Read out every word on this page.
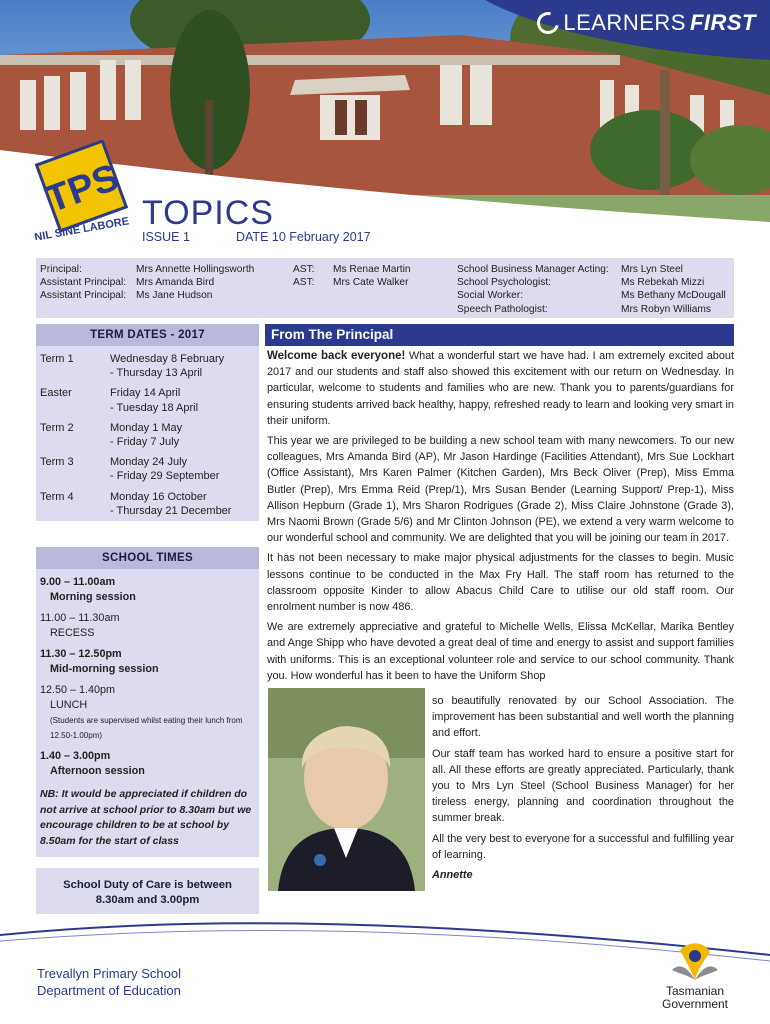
LEARNERS FIRST
TPS
NIL SINE LABORE TOPICS
ISSUE 1	DATE 10 February 2017
Principal:	Mrs Annette Hollingsworth
Assistant Principal: Mrs Amanda Bird
Assistant Principal: Ms Jane Hudson
AST:	Ms Renae Martin
AST:	Mrs Cate Walker
School Business Manager Acting:	Mrs Lyn Steel
School Psychologist:	Ms Rebekah Mizzi
Social Worker:	Ms Bethany McDougall
Speech Pathologist:	Mrs Robyn Williams
TERM DATES - 2017
Term 1	Wednesday 8 February
- Thursday 13 April
Easter	Friday 14 April
- Tuesday 18 April
Term 2	Monday 1 May
- Friday 7 July
Term 3	Monday 24 July
- Friday 29 September
Term 4	Monday 16 October
- Thursday 21 December
SCHOOL TIMES
9.00 – 11.00am
Morning session
11.00 – 11.30am
RECESS
11.30 – 12.50pm
Mid-morning session
12.50 – 1.40pm
LUNCH
(Students are supervised whilst eating their lunch from 12.50-1.00pm)
1.40 – 3.00pm
Afternoon session
NB: It would be appreciated if children do not arrive at school prior to 8.30am but we encourage children to be at school by 8.50am for the start of class
School Duty of Care is between
8.30am and 3.00pm
From The Principal

Welcome back everyone! What a wonderful start we have had. I am extremely excited about 2017 and our students and staff also showed this excitement with our return on Wednesday. In particular, welcome to students and families who are new. Thank you to parents/guardians for ensuring students arrived back healthy, happy, refreshed ready to learn and looking very smart in their uniform.

This year we are privileged to be building a new school team with many newcomers. To our new colleagues, Mrs Amanda Bird (AP), Mr Jason Hardinge (Facilities Attendant), Mrs Sue Lockhart (Office Assistant), Mrs Karen Palmer (Kitchen Garden), Mrs Beck Oliver (Prep), Miss Emma Butler (Prep), Mrs Emma Reid (Prep/1), Mrs Susan Bender (Learning Support/ Prep-1), Miss Allison Hepburn (Grade 1), Mrs Sharon Rodrigues (Grade 2), Miss Claire Johnstone (Grade 3), Mrs Naomi Brown (Grade 5/6) and Mr Clinton Johnson (PE), we extend a very warm welcome to our wonderful school and community. We are delighted that you will be joining our team in 2017.

It has not been necessary to make major physical adjustments for the classes to begin. Music lessons continue to be conducted in the Max Fry Hall. The staff room has returned to the classroom opposite Kinder to allow Abacus Child Care to utilise our old staff room. Our enrolment number is now 486.

We are extremely appreciative and grateful to Michelle Wells, Elissa McKellar, Marika Bentley and Ange Shipp who have devoted a great deal of time and energy to assist and support families with uniforms. This is an exceptional volunteer role and service to our school community. Thank you. How wonderful has it been to have the Uniform Shop

so beautifully renovated by our School Association. The improvement has been substantial and well worth the planning and effort.

Our staff team has worked hard to ensure a positive start for all. All these efforts are greatly appreciated. Particularly, thank you to Mrs Lyn Steel (School Business Manager) for her tireless energy, planning and coordination throughout the summer break.

All the very best to everyone for a successful and fulfilling year of learning.

Annette

Trevallyn Primary School
Department of Education	Tasmanian
Government
